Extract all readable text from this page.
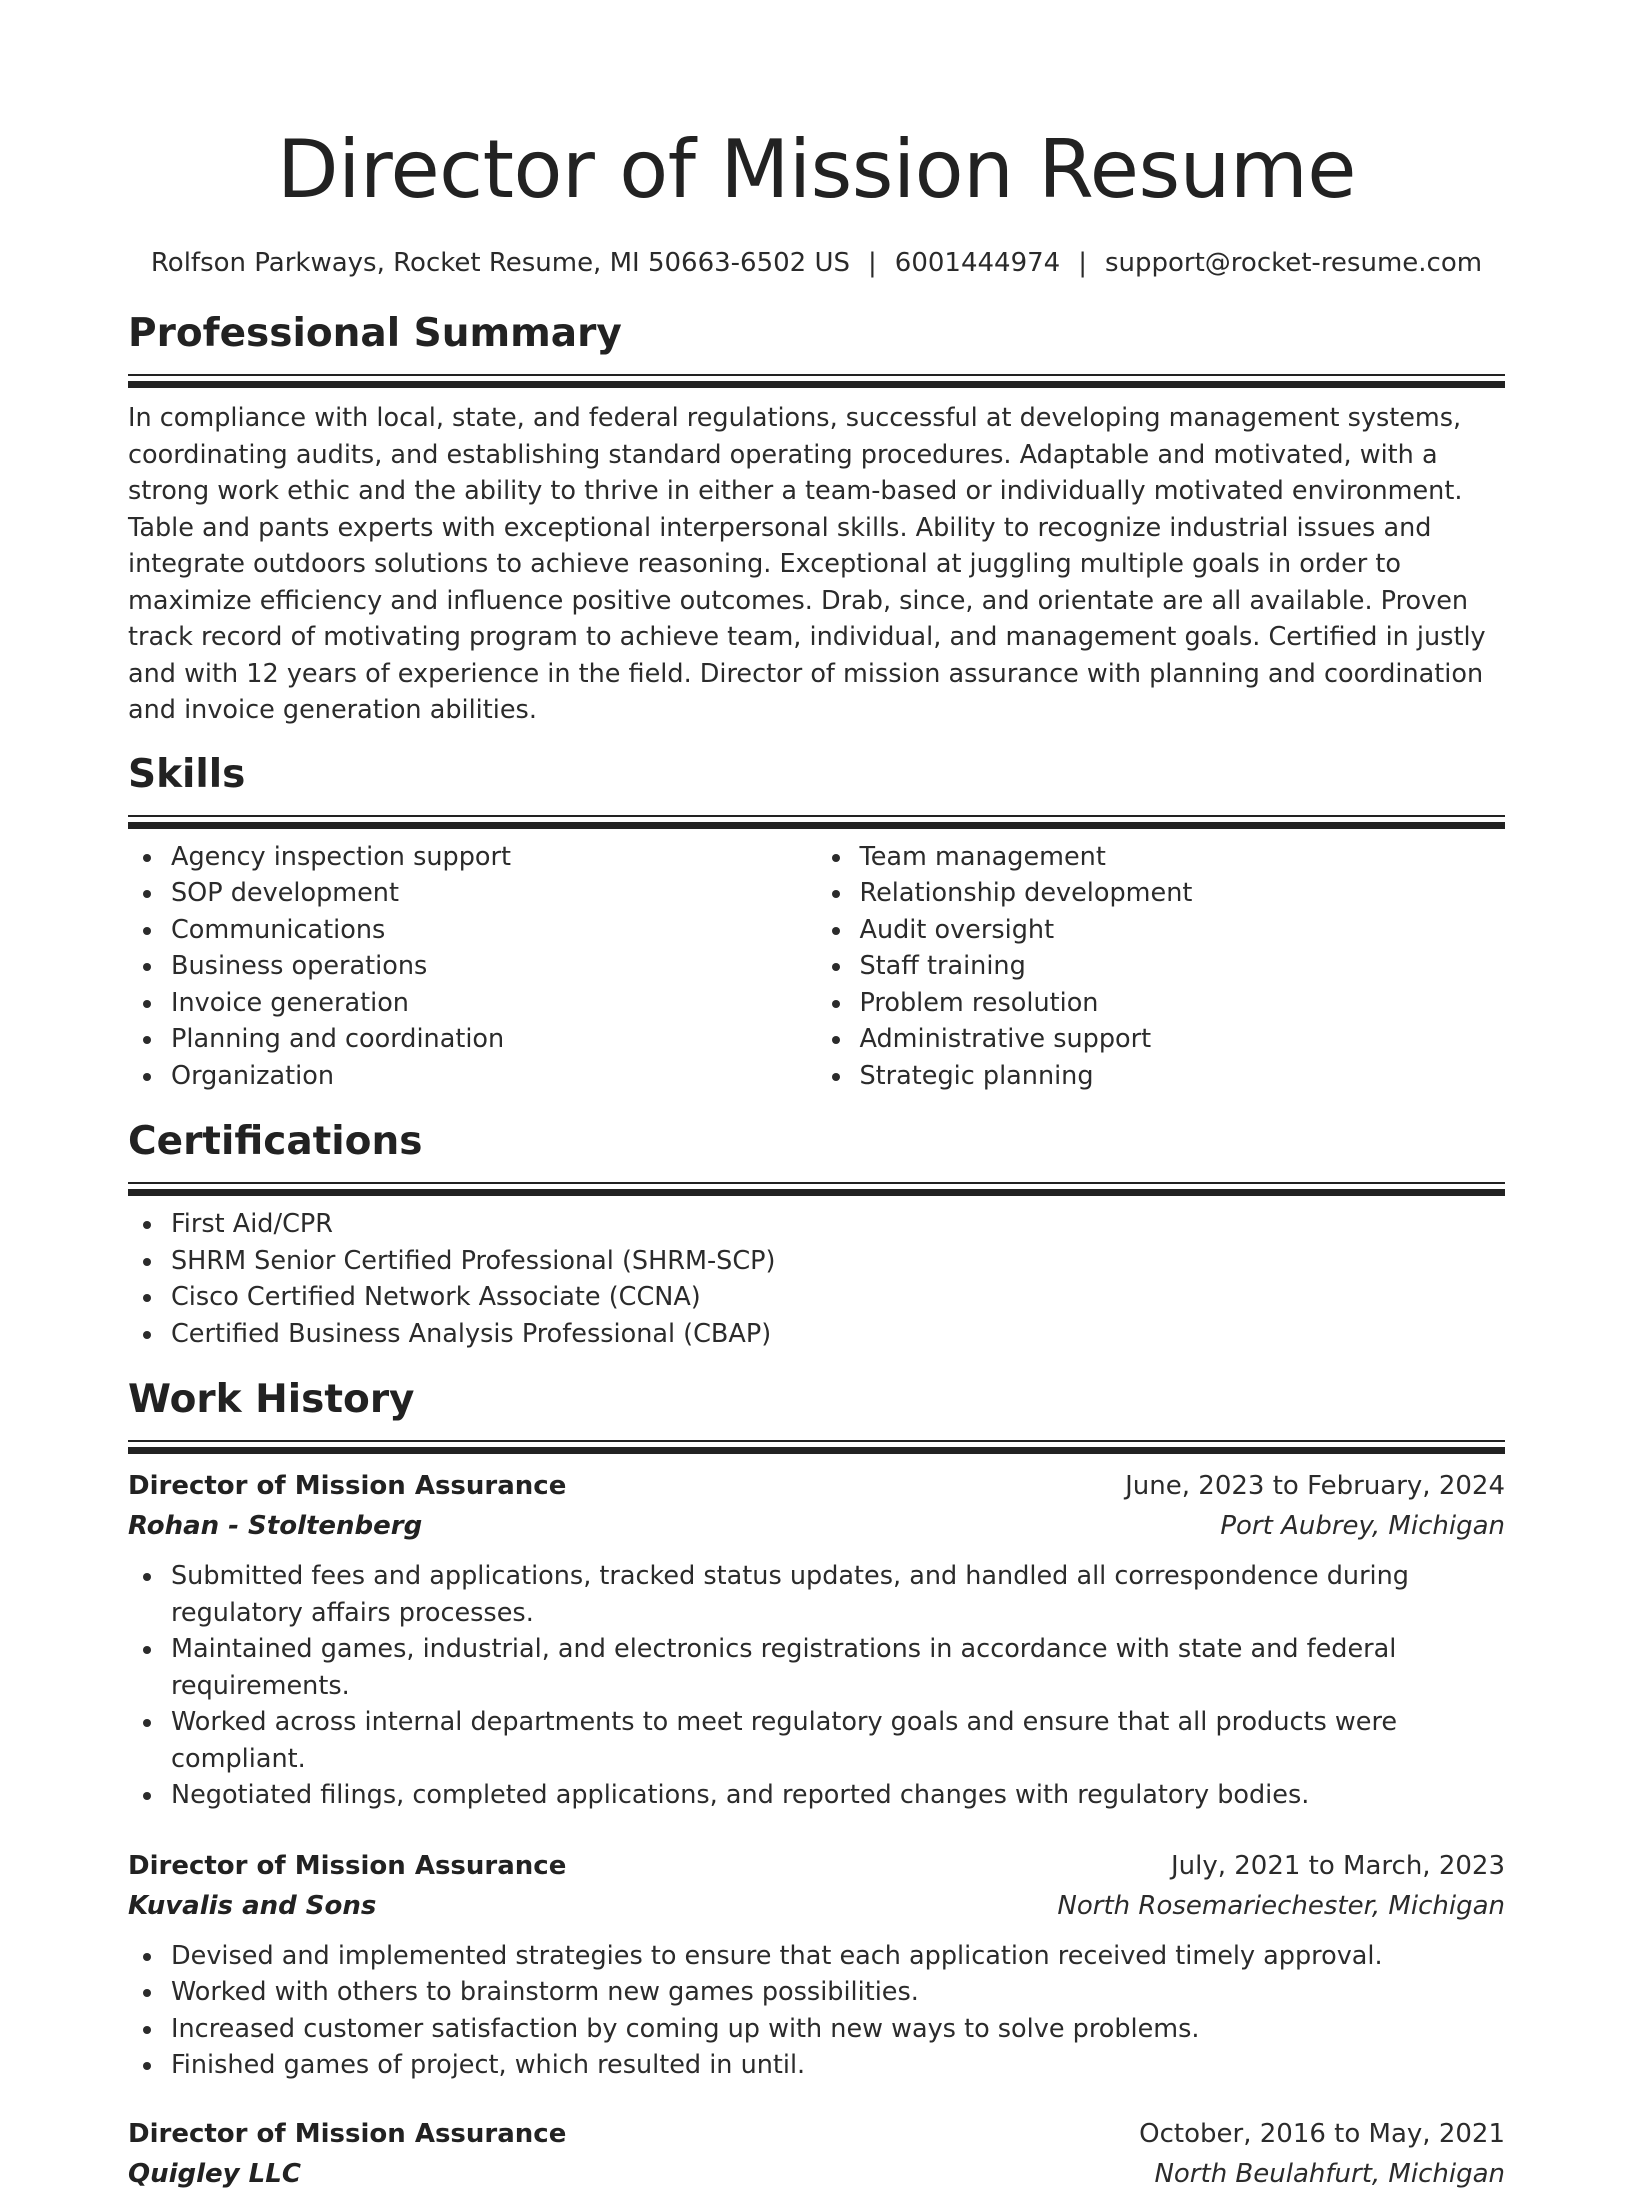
Director of Mission Resume
Rolfson Parkways, Rocket Resume, MI 50663-6502 US | 6001444974 | support@rocket-resume.com
Professional Summary

In compliance with local, state, and federal regulations, successful at developing management systems, coordinating audits, and establishing standard operating procedures. Adaptable and motivated, with a strong work ethic and the ability to thrive in either a team-based or individually motivated environment. Table and pants experts with exceptional interpersonal skills. Ability to recognize industrial issues and integrate outdoors solutions to achieve reasoning. Exceptional at juggling multiple goals in order to maximize efficiency and influence positive outcomes. Drab, since, and orientate are all available. Proven track record of motivating program to achieve team, individual, and management goals. Certified in justly and with 12 years of experience in the field. Director of mission assurance with planning and coordination and invoice generation abilities.

Skills
Agency inspection support
SOP development
Communications
Business operations
Invoice generation
Planning and coordination
Organization
Team management
Relationship development
Audit oversight
Staff training
Problem resolution
Administrative support
Strategic planning
Certifications
First Aid/CPR
SHRM Senior Certified Professional (SHRM-SCP)
Cisco Certified Network Associate (CCNA)
Certified Business Analysis Professional (CBAP)
Work History
Director of Mission Assurance	June, 2023 to February, 2024
Rohan - Stoltenberg	Port Aubrey, Michigan
Submitted fees and applications, tracked status updates, and handled all correspondence during regulatory affairs processes.
Maintained games, industrial, and electronics registrations in accordance with state and federal requirements.
Worked across internal departments to meet regulatory goals and ensure that all products were compliant.
Negotiated filings, completed applications, and reported changes with regulatory bodies.
Director of Mission Assurance	July, 2021 to March, 2023
Kuvalis and Sons	North Rosemariechester, Michigan
Devised and implemented strategies to ensure that each application received timely approval.
Worked with others to brainstorm new games possibilities.
Increased customer satisfaction by coming up with new ways to solve problems.
Finished games of project, which resulted in until.
Director of Mission Assurance	October, 2016 to May, 2021
Quigley LLC	North Beulahfurt, Michigan
